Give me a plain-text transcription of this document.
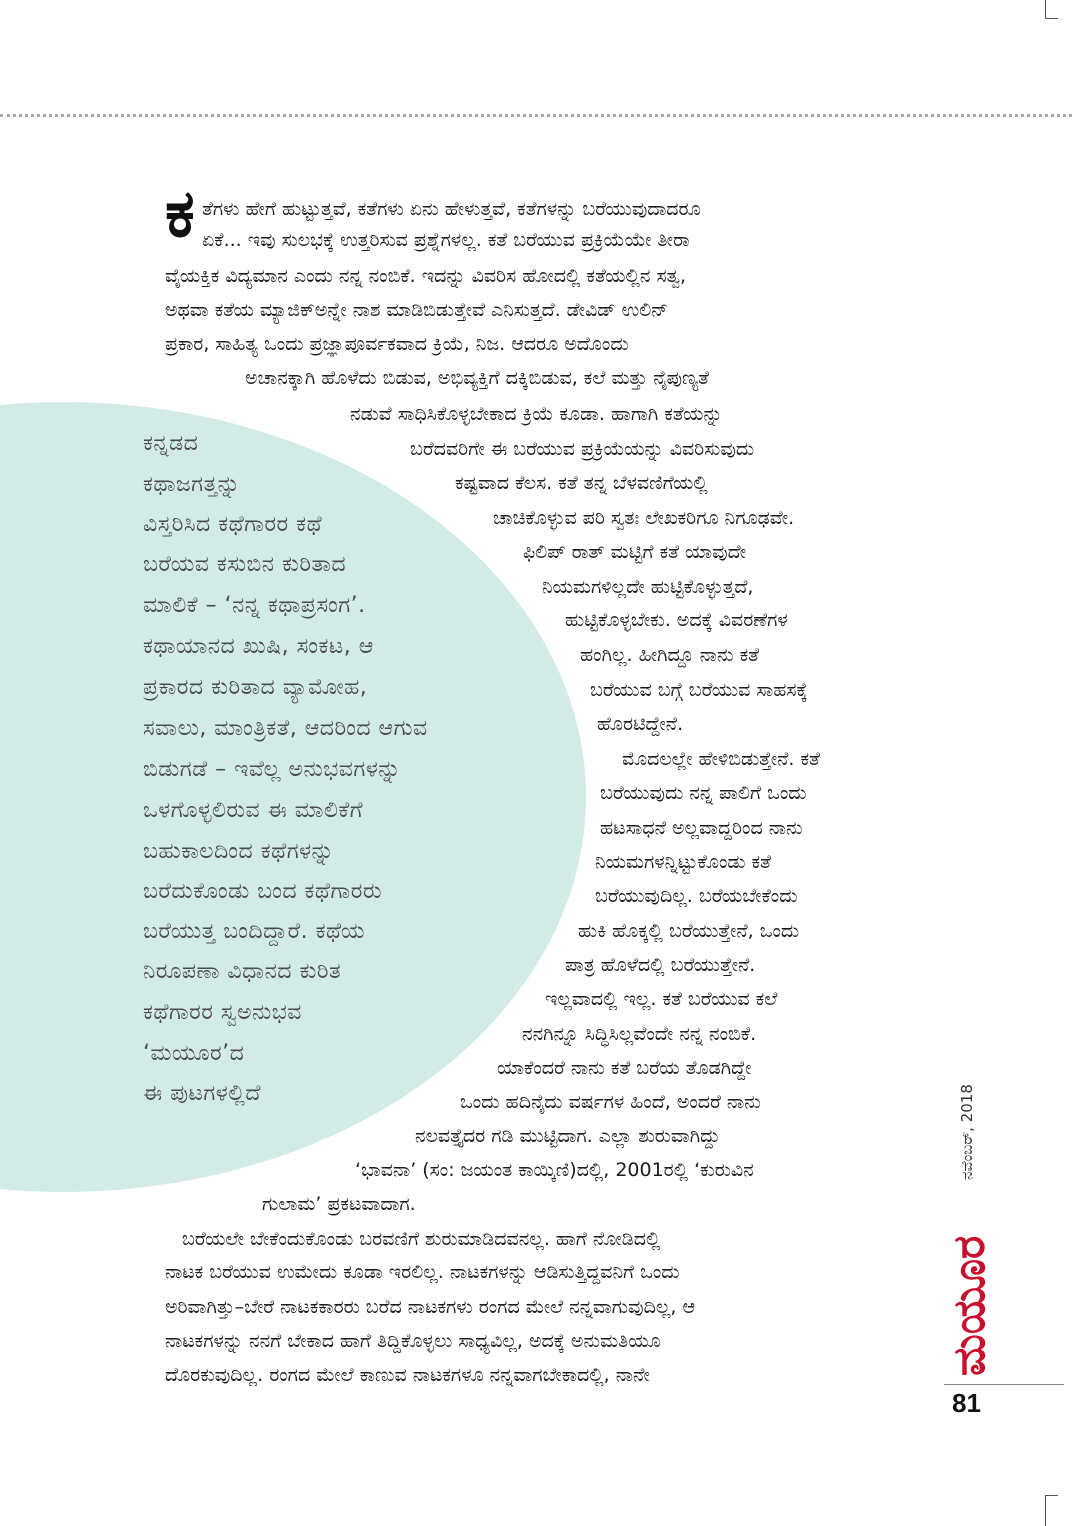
ಕ ತೆಗಳು ಹೇಗೆ ಹುಟ್ಟುತ್ತವೆ, ಕತೆಗಳು ಏನು ಹೇಳುತ್ತವೆ, ಕತೆಗಳನ್ನು ಬರೆಯುವುದಾದರೂ
ಏಕೆ... ಇವು ಸುಲಭಕ್ಕೆ ಉತ್ತರಿಸುವ ಪ್ರಶ್ನೆಗಳಲ್ಲ. ಕತೆ ಬರೆಯುವ ಪ್ರಕ್ರಿಯೆಯೇ ತೀರಾ
ವೈಯಕ್ತಿಕ ವಿದ್ಯಮಾನ ಎಂದು ನನ್ನ ನಂಬಿಕೆ. ಇದನ್ನು ವಿವರಿಸ ಹೋದಲ್ಲಿ ಕತೆಯಲ್ಲಿನ ಸತ್ವ,
ಅಥವಾ ಕತೆಯ ಮ್ಯಾಜಿಕ್‌ಅನ್ನೇ ನಾಶ ಮಾಡಿಬಿಡುತ್ತೇವೆ ಎನಿಸುತ್ತದೆ. ಡೇವಿಡ್ ಉಲಿನ್
ಪ್ರಕಾರ, ಸಾಹಿತ್ಯ ಒಂದು ಪ್ರಜ್ಞಾಪೂರ್ವಕವಾದ ಕ್ರಿಯೆ, ನಿಜ. ಆದರೂ ಅದೊಂದು
ಅಚಾನಕ್ಕಾಗಿ ಹೊಳೆದು ಬಿಡುವ, ಅಭಿವ್ಯಕ್ತಿಗೆ ದಕ್ಕಿಬಿಡುವ, ಕಲೆ ಮತ್ತು ನೈಪುಣ್ಯತೆ
ನಡುವೆ ಸಾಧಿಸಿಕೊಳ್ಳಬೇಕಾದ ಕ್ರಿಯೆ ಕೂಡಾ. ಹಾಗಾಗಿ ಕತೆಯನ್ನು
ಬರೆದವರಿಗೇ ಈ ಬರೆಯುವ ಪ್ರಕ್ರಿಯೆಯನ್ನು ವಿವರಿಸುವುದು
ಕಷ್ಟವಾದ ಕೆಲಸ. ಕತೆ ತನ್ನ ಬೆಳವಣಿಗೆಯಲ್ಲಿ
ಚಾಚಿಕೊಳ್ಳುವ ಪರಿ ಸ್ವತಃ ಲೇಖಕರಿಗೂ ನಿಗೂಢವೇ.
ಫಿಲಿಪ್ ರಾತ್ ಮಟ್ಟಿಗೆ ಕತೆ ಯಾವುದೇ
ನಿಯಮಗಳಿಲ್ಲದೇ ಹುಟ್ಟಿಕೊಳ್ಳುತ್ತದೆ,
ಹುಟ್ಟಿಕೊಳ್ಳಬೇಕು. ಅದಕ್ಕೆ ವಿವರಣೆಗಳ
ಹಂಗಿಲ್ಲ. ಹೀಗಿದ್ದೂ ನಾನು ಕತೆ
ಬರೆಯುವ ಬಗ್ಗೆ ಬರೆಯುವ ಸಾಹಸಕ್ಕೆ
ಹೊರಟಿದ್ದೇನೆ.
ಮೊದಲಲ್ಲೇ ಹೇಳಿಬಿಡುತ್ತೇನೆ. ಕತೆ
ಬರೆಯುವುದು ನನ್ನ ಪಾಲಿಗೆ ಒಂದು
ಹಟಸಾಧನೆ ಅಲ್ಲವಾದ್ದರಿಂದ ನಾನು
ನಿಯಮಗಳನ್ನಿಟ್ಟುಕೊಂಡು ಕತೆ
ಬರೆಯುವುದಿಲ್ಲ. ಬರೆಯಬೇಕೆಂದು
ಹುಕಿ ಹೊಕ್ಕಲ್ಲಿ ಬರೆಯುತ್ತೇನೆ, ಒಂದು
ಪಾತ್ರ ಹೊಳೆದಲ್ಲಿ ಬರೆಯುತ್ತೇನೆ.
ಇಲ್ಲವಾದಲ್ಲಿ ಇಲ್ಲ. ಕತೆ ಬರೆಯುವ ಕಲೆ
ನನಗಿನ್ನೂ ಸಿದ್ಧಿಸಿಲ್ಲವೆಂದೇ ನನ್ನ ನಂಬಿಕೆ.
ಯಾಕೆಂದರೆ ನಾನು ಕತೆ ಬರೆಯ ತೊಡಗಿದ್ದೇ
ಒಂದು ಹದಿನೈದು ವರ್ಷಗಳ ಹಿಂದೆ, ಅಂದರೆ ನಾನು
ನಲವತ್ತೈದರ ಗಡಿ ಮುಟ್ಟಿದಾಗ. ಎಲ್ಲಾ ಶುರುವಾಗಿದ್ದು
‘ಭಾವನಾ’ (ಸಂ: ಜಯಂತ ಕಾಯ್ಕಿಣಿ)ದಲ್ಲಿ, 2001ರಲ್ಲಿ ‘ಕುರುವಿನ
ಗುಲಾಮ’ ಪ್ರಕಟವಾದಾಗ.
ಬರೆಯಲೇ ಬೇಕೆಂದುಕೊಂಡು ಬರವಣಿಗೆ ಶುರುಮಾಡಿದವನಲ್ಲ. ಹಾಗೆ ನೋಡಿದಲ್ಲಿ
ನಾಟಕ ಬರೆಯುವ ಉಮೇದು ಕೂಡಾ ಇರಲಿಲ್ಲ. ನಾಟಕಗಳನ್ನು ಆಡಿಸುತ್ತಿದ್ದವನಿಗೆ ಒಂದು
ಅರಿವಾಗಿತ್ತು–ಬೇರೆ ನಾಟಕಕಾರರು ಬರೆದ ನಾಟಕಗಳು ರಂಗದ ಮೇಲೆ ನನ್ನವಾಗುವುದಿಲ್ಲ, ಆ
ನಾಟಕಗಳನ್ನು ನನಗೆ ಬೇಕಾದ ಹಾಗೆ ತಿದ್ದಿಕೊಳ್ಳಲು ಸಾಧ್ಯವಿಲ್ಲ, ಅದಕ್ಕೆ ಅನುಮತಿಯೂ
ದೊರಕುವುದಿಲ್ಲ. ರಂಗದ ಮೇಲೆ ಕಾಣುವ ನಾಟಕಗಳೂ ನನ್ನವಾಗಬೇಕಾದಲ್ಲಿ, ನಾನೇ
ಕನ್ನಡದ
ಕಥಾಜಗತ್ತನ್ನು
ವಿಸ್ತರಿಸಿದ ಕಥೆಗಾರರ ಕಥೆ
ಬರೆಯವ ಕಸುಬಿನ ಕುರಿತಾದ
ಮಾಲಿಕೆ – ‘ನನ್ನ ಕಥಾಪ್ರಸಂಗ’.
ಕಥಾಯಾನದ ಖುಷಿ, ಸಂಕಟ, ಆ
ಪ್ರಕಾರದ ಕುರಿತಾದ ವ್ಯಾಮೋಹ,
ಸವಾಲು, ಮಾಂತ್ರಿಕತೆ, ಆದರಿಂದ ಆಗುವ
ಬಿಡುಗಡೆ – ಇವೆಲ್ಲ ಅನುಭವಗಳನ್ನು
ಒಳಗೊಳ್ಳಲಿರುವ ಈ ಮಾಲಿಕೆಗೆ
ಬಹುಕಾಲದಿಂದ ಕಥೆಗಳನ್ನು
ಬರೆದುಕೊಂಡು ಬಂದ ಕಥೆಗಾರರು
ಬರೆಯುತ್ತ ಬಂದಿದ್ದಾರೆ. ಕಥೆಯ
ನಿರೂಪಣಾ ವಿಧಾನದ ಕುರಿತ
ಕಥೆಗಾರರ ಸ್ವಅನುಭವ
‘ಮಯೂರ’ದ
ಈ ಪುಟಗಳಲ್ಲಿದೆ	ನವೆಂಬರ್, 2018
ಮಯೂರ
81
